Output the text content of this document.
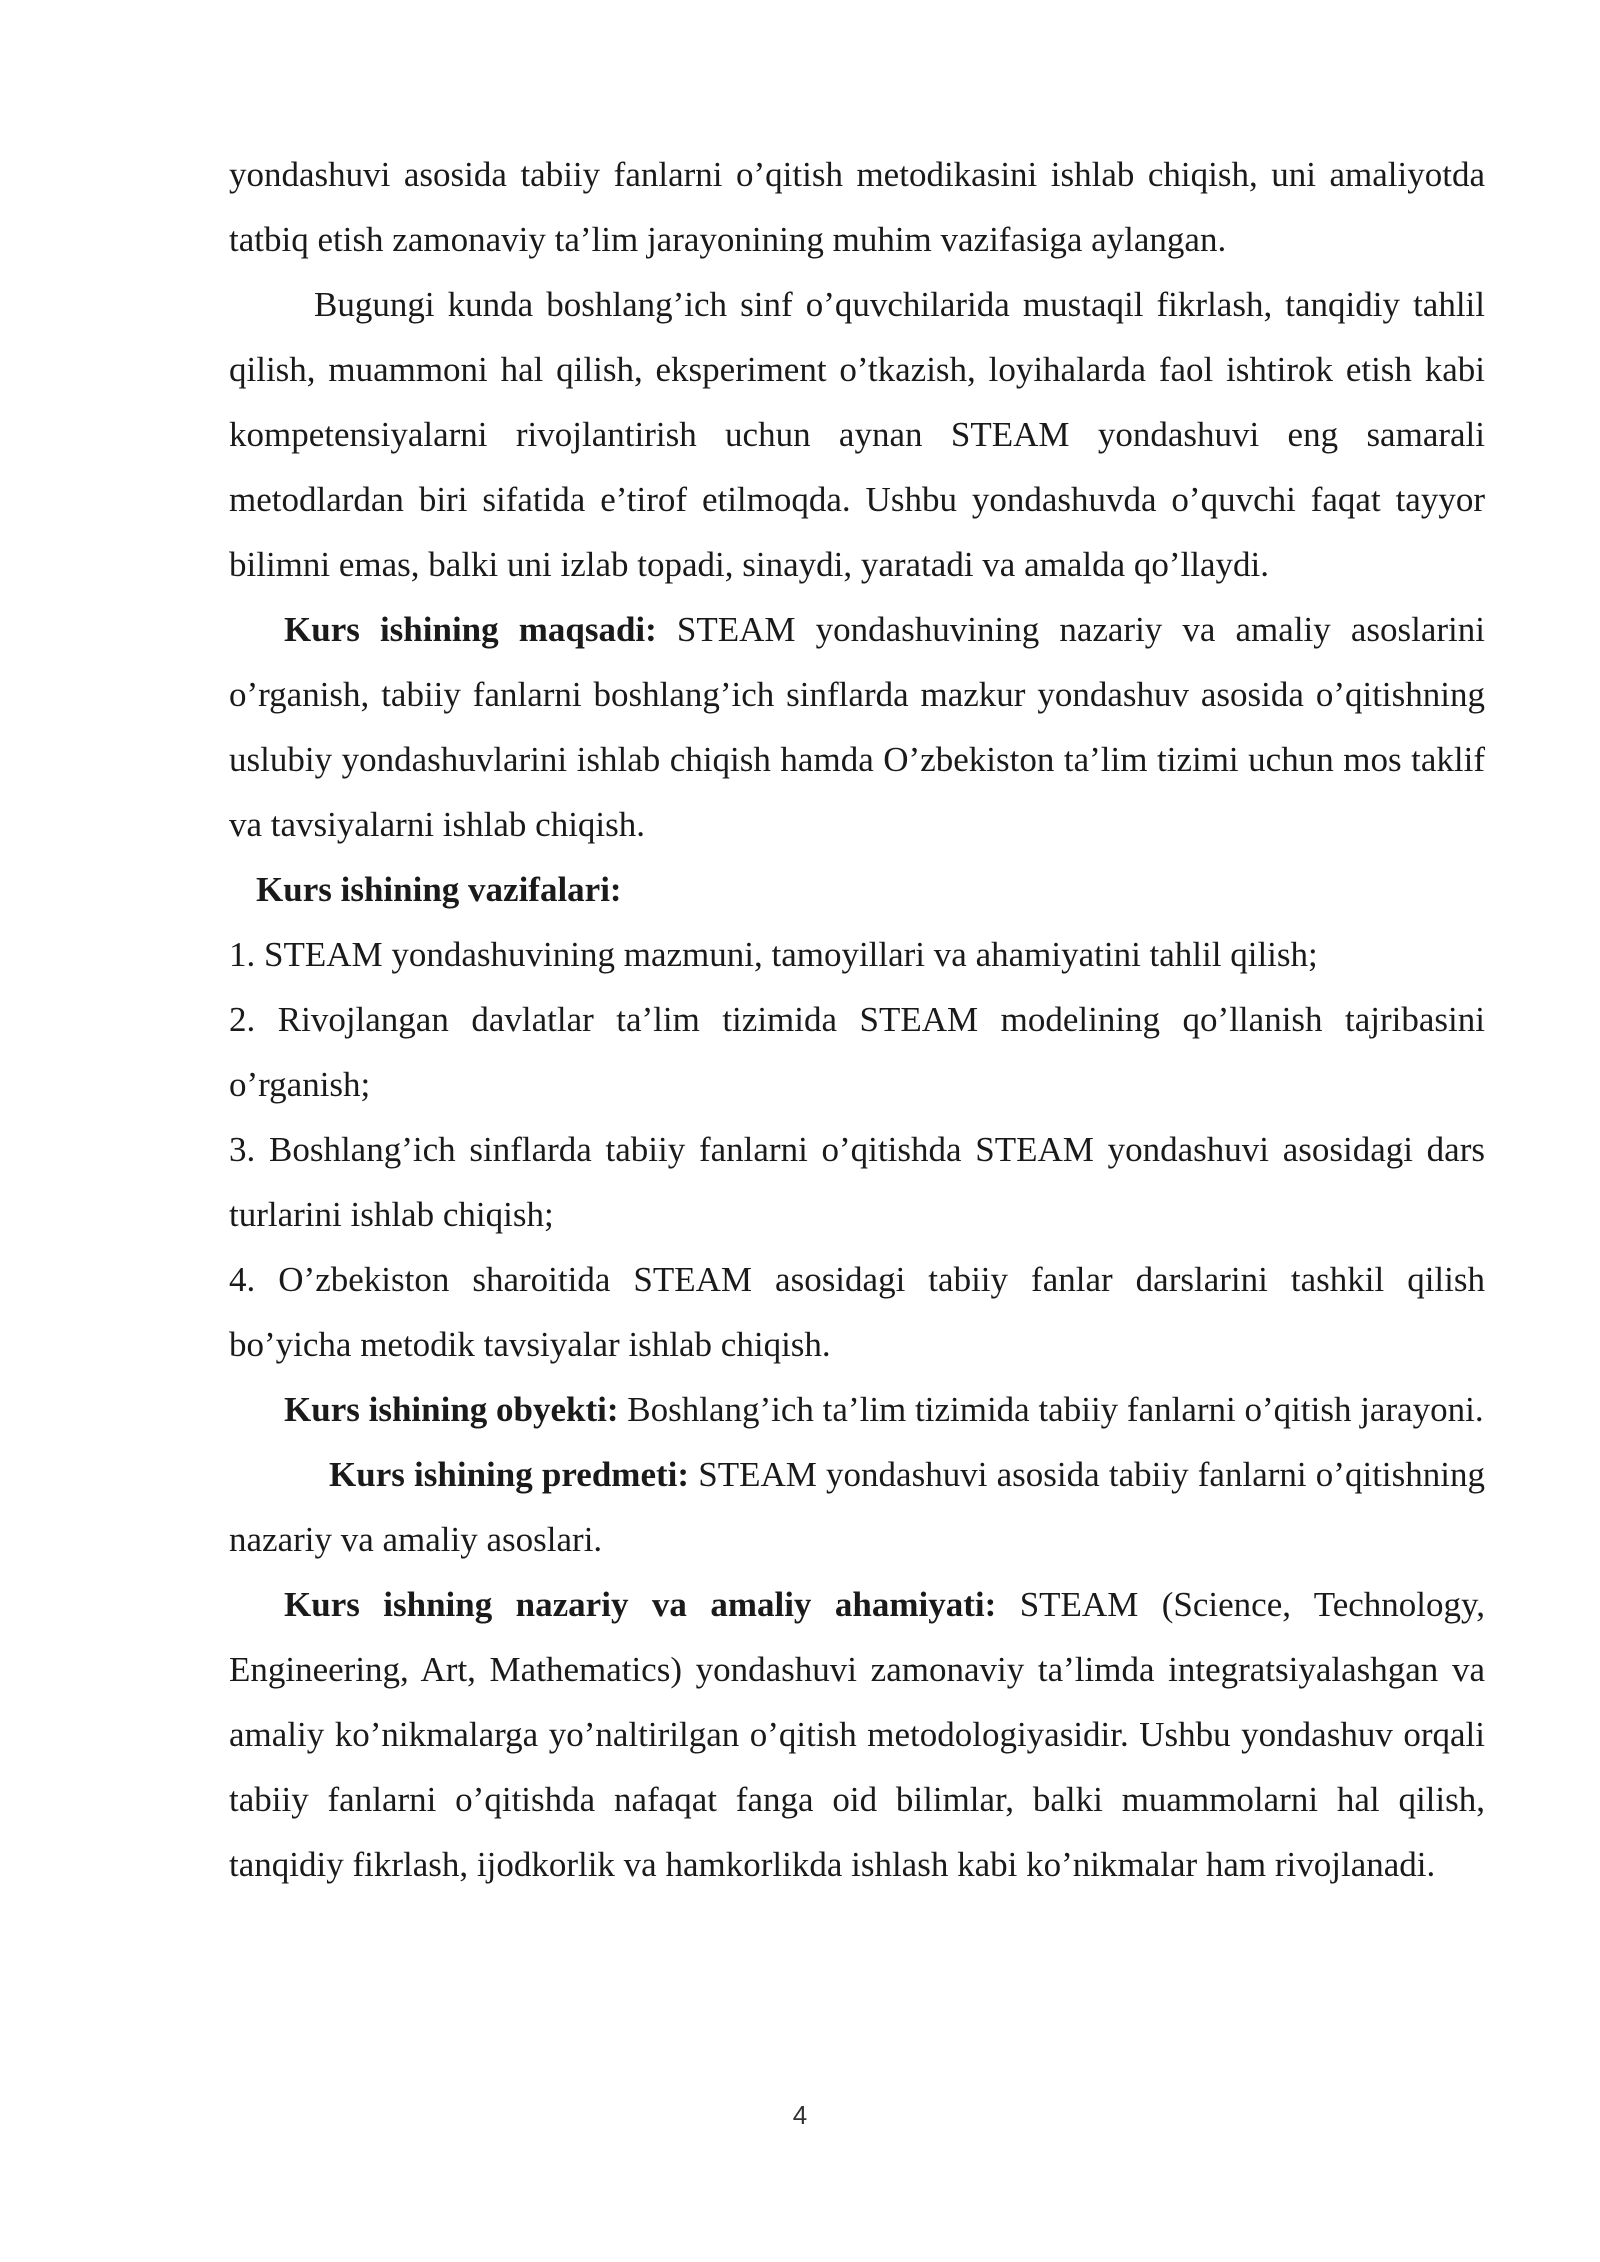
yondashuvi asosida tabiiy fanlarni o’qitish metodikasini ishlab chiqish, uni amaliyotda tatbiq etish zamonaviy ta’lim jarayonining muhim vazifasiga aylangan.

Bugungi kunda boshlang’ich sinf o’quvchilarida mustaqil fikrlash, tanqidiy tahlil qilish, muammoni hal qilish, eksperiment o’tkazish, loyihalarda faol ishtirok etish kabi kompetensiyalarni rivojlantirish uchun aynan STEAM yondashuvi eng samarali metodlardan biri sifatida e’tirof etilmoqda. Ushbu yondashuvda o’quvchi faqat tayyor bilimni emas, balki uni izlab topadi, sinaydi, yaratadi va amalda qo’llaydi.

Kurs ishining maqsadi: STEAM yondashuvining nazariy va amaliy asoslarini o’rganish, tabiiy fanlarni boshlang’ich sinflarda mazkur yondashuv asosida o’qitishning uslubiy yondashuvlarini ishlab chiqish hamda O’zbekiston ta’lim tizimi uchun mos taklif va tavsiyalarni ishlab chiqish.

Kurs ishining vazifalari:

1. STEAM yondashuvining mazmuni, tamoyillari va ahamiyatini tahlil qilish;

2. Rivojlangan davlatlar ta’lim tizimida STEAM modelining qo’llanish tajribasini o’rganish;

3. Boshlang’ich sinflarda tabiiy fanlarni o’qitishda STEAM yondashuvi asosidagi dars turlarini ishlab chiqish;

4. O’zbekiston sharoitida STEAM asosidagi tabiiy fanlar darslarini tashkil qilish bo’yicha metodik tavsiyalar ishlab chiqish.

Kurs ishining obyekti: Boshlang’ich ta’lim tizimida tabiiy fanlarni o’qitish jarayoni.

Kurs ishining predmeti: STEAM yondashuvi asosida tabiiy fanlarni o’qitishning nazariy va amaliy asoslari.

Kurs ishning nazariy va amaliy ahamiyati: STEAM (Science, Technology, Engineering, Art, Mathematics) yondashuvi zamonaviy ta’limda integratsiyalashgan va amaliy ko’nikmalarga yo’naltirilgan o’qitish metodologiyasidir. Ushbu yondashuv orqali tabiiy fanlarni o’qitishda nafaqat fanga oid bilimlar, balki muammolarni hal qilish, tanqidiy fikrlash, ijodkorlik va hamkorlikda ishlash kabi ko’nikmalar ham rivojlanadi.

4
